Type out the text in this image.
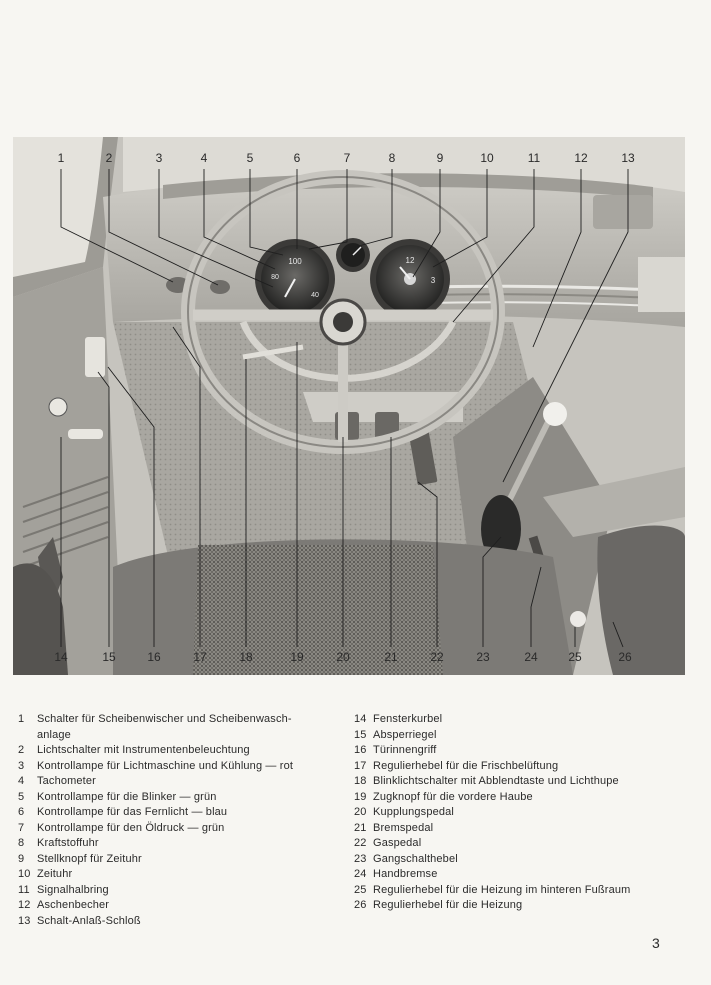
100
80
40
12
3
1	2	3	4	5	6	7	8	9	10	11	12	13
14	15	16	17	18	19	20	21	22	23	24	25	26
1	Schalter für Scheibenwischer und Scheibenwasch-
anlage
2	Lichtschalter mit Instrumentenbeleuchtung
3	Kontrollampe für Lichtmaschine und Kühlung — rot
4	Tachometer
5	Kontrollampe für die Blinker — grün
6	Kontrollampe für das Fernlicht — blau
7	Kontrollampe für den Öldruck — grün
8	Kraftstoffuhr
9	Stellknopf für Zeituhr
10 Zeituhr
11 Signalhalbring
12 Aschenbecher
13 Schalt-Anlaß-Schloß
14 Fensterkurbel
15 Absperriegel
16 Türinnengriff
17 Regulierhebel für die Frischbelüftung
18 Blinklichtschalter mit Abblendtaste und Lichthupe
19 Zugknopf für die vordere Haube
20 Kupplungspedal
21 Bremspedal
22 Gaspedal
23 Gangschalthebel
24 Handbremse
25 Regulierhebel für die Heizung im hinteren Fußraum
26 Regulierhebel für die Heizung
3
